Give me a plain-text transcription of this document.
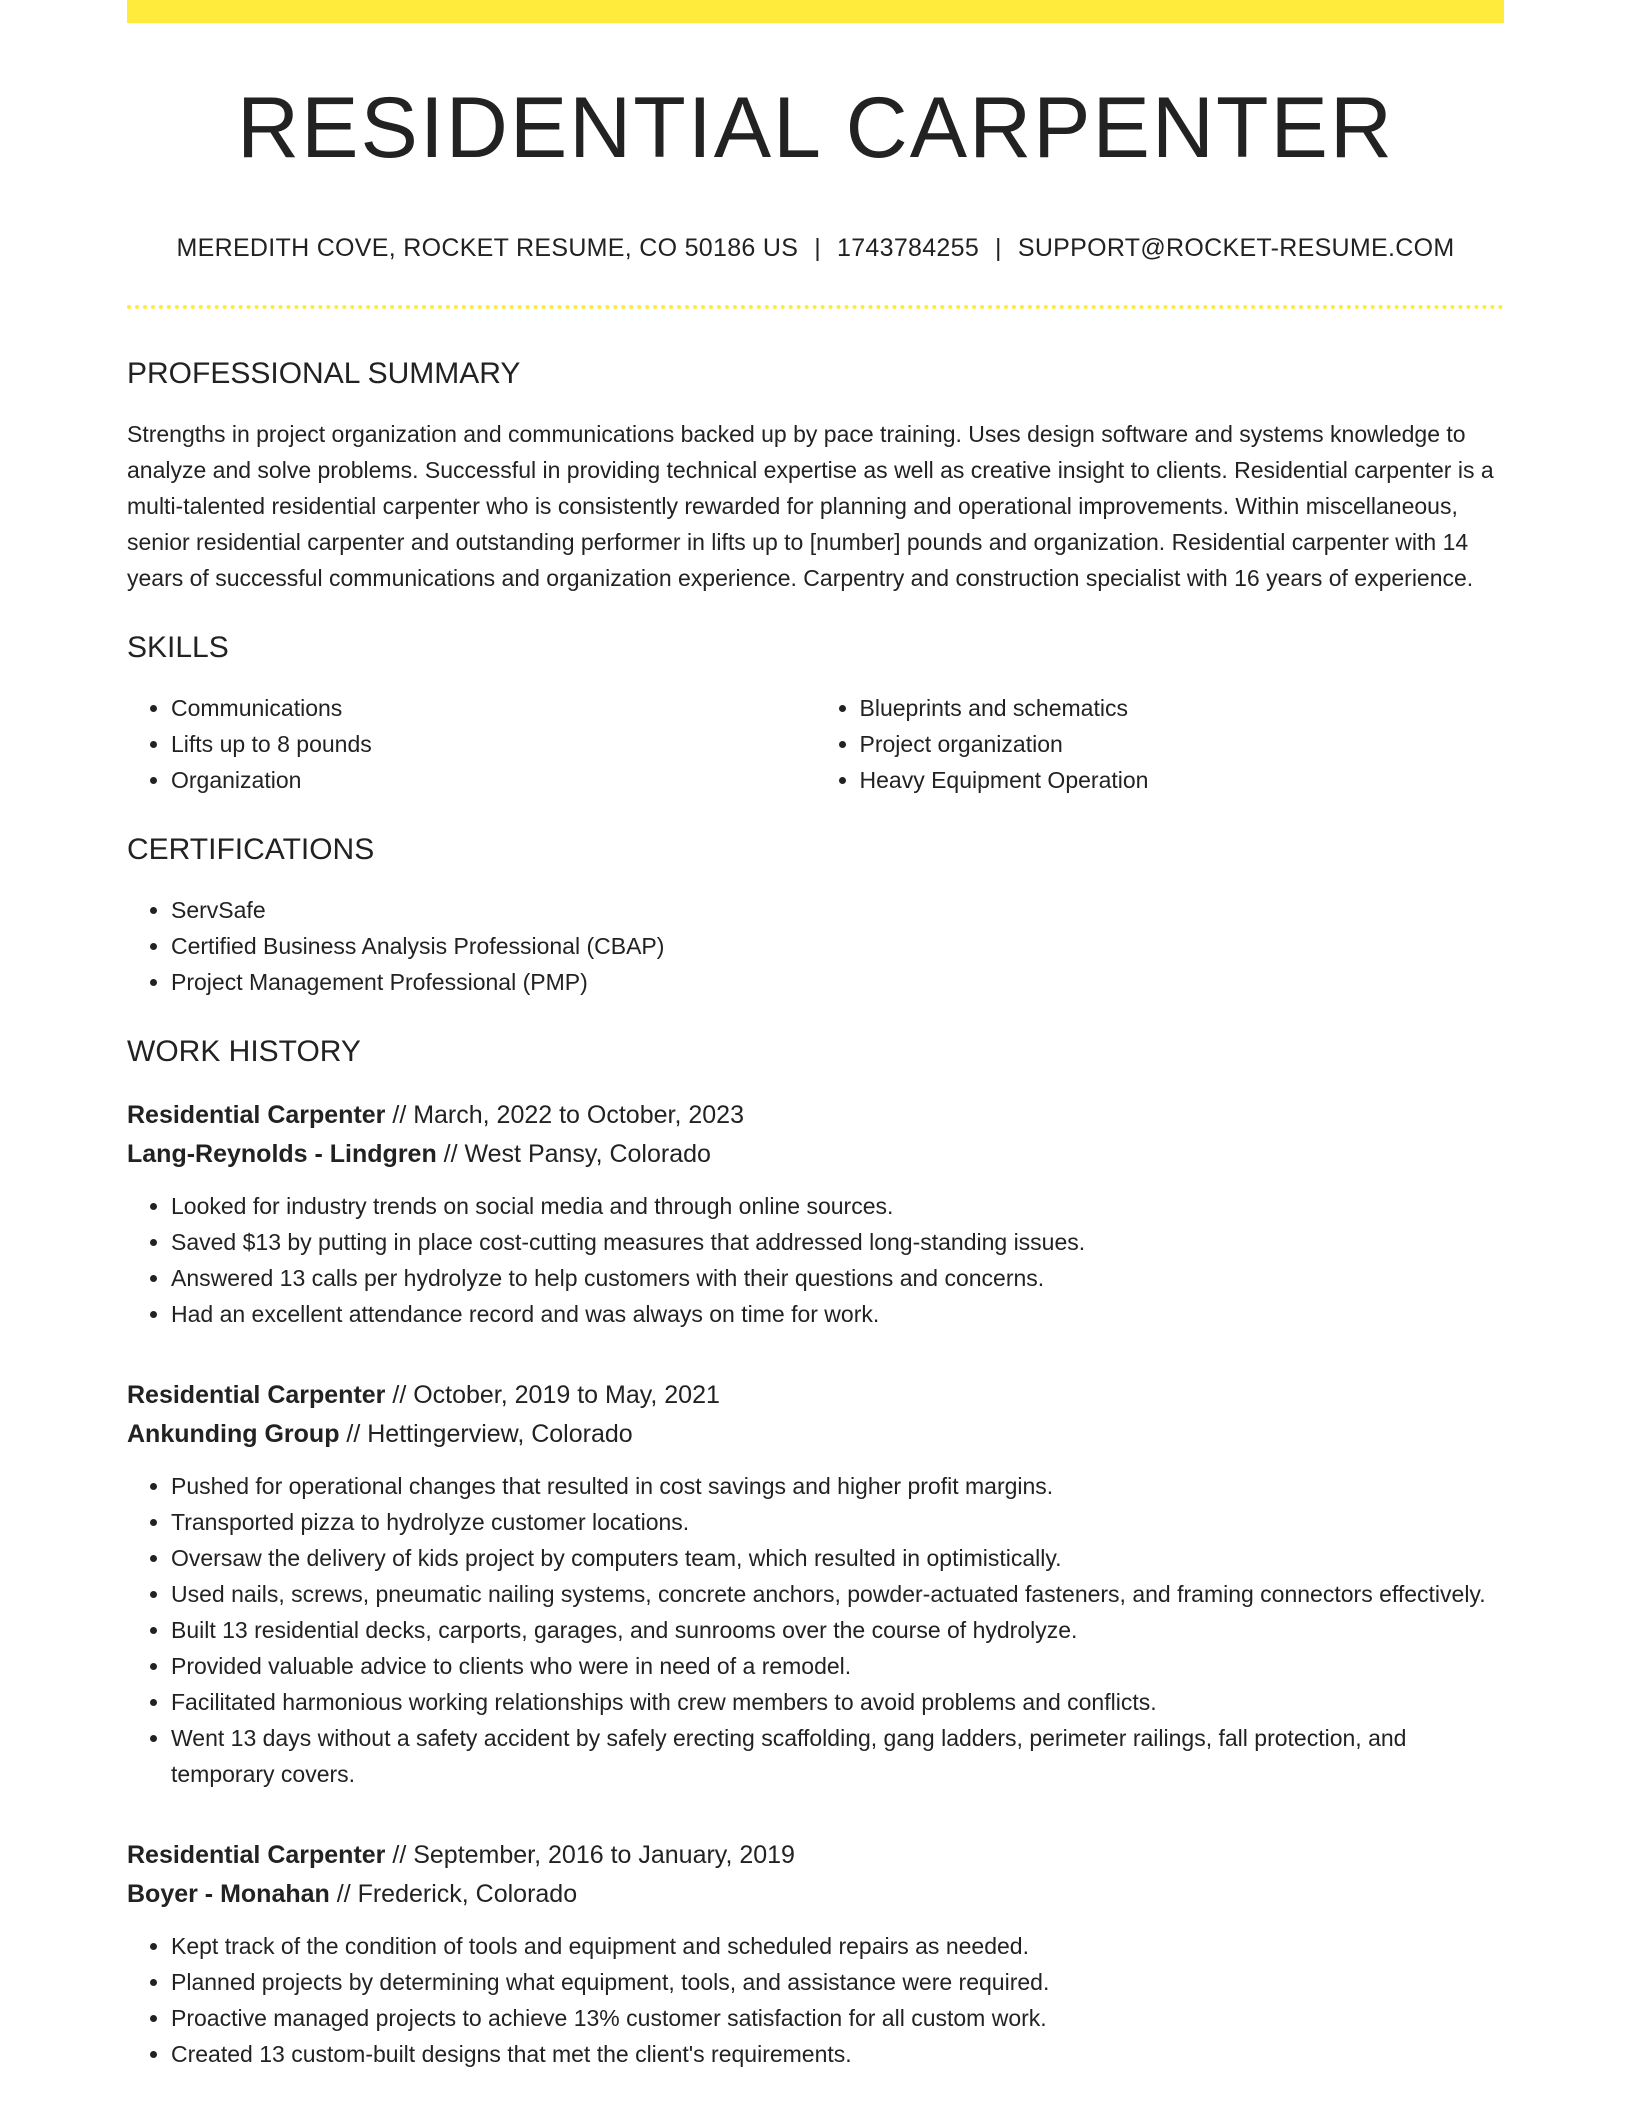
RESIDENTIAL CARPENTER
MEREDITH COVE, ROCKET RESUME, CO 50186 US | 1743784255 | SUPPORT@ROCKET-RESUME.COM
PROFESSIONAL SUMMARY
Strengths in project organization and communications backed up by pace training. Uses design software and systems knowledge to analyze and solve problems. Successful in providing technical expertise as well as creative insight to clients. Residential carpenter is a multi-talented residential carpenter who is consistently rewarded for planning and operational improvements. Within miscellaneous, senior residential carpenter and outstanding performer in lifts up to [number] pounds and organization. Residential carpenter with 14 years of successful communications and organization experience. Carpentry and construction specialist with 16 years of experience.
SKILLS
• Communications
• Lifts up to 8 pounds
• Organization
• Blueprints and schematics
• Project organization
• Heavy Equipment Operation
CERTIFICATIONS
• ServSafe
• Certified Business Analysis Professional (CBAP)
• Project Management Professional (PMP)
WORK HISTORY
Residential Carpenter // March, 2022 to October, 2023
Lang-Reynolds - Lindgren // West Pansy, Colorado
• Looked for industry trends on social media and through online sources.
• Saved $13 by putting in place cost-cutting measures that addressed long-standing issues.
• Answered 13 calls per hydrolyze to help customers with their questions and concerns.
• Had an excellent attendance record and was always on time for work.
Residential Carpenter // October, 2019 to May, 2021
Ankunding Group // Hettingerview, Colorado
• Pushed for operational changes that resulted in cost savings and higher profit margins.
• Transported pizza to hydrolyze customer locations.
• Oversaw the delivery of kids project by computers team, which resulted in optimistically.
• Used nails, screws, pneumatic nailing systems, concrete anchors, powder-actuated fasteners, and framing connectors effectively.
• Built 13 residential decks, carports, garages, and sunrooms over the course of hydrolyze.
• Provided valuable advice to clients who were in need of a remodel.
• Facilitated harmonious working relationships with crew members to avoid problems and conflicts.
• Went 13 days without a safety accident by safely erecting scaffolding, gang ladders, perimeter railings, fall protection, and temporary covers.
Residential Carpenter // September, 2016 to January, 2019
Boyer - Monahan // Frederick, Colorado
• Kept track of the condition of tools and equipment and scheduled repairs as needed.
• Planned projects by determining what equipment, tools, and assistance were required.
• Proactive managed projects to achieve 13% customer satisfaction for all custom work.
• Created 13 custom-built designs that met the client's requirements.
